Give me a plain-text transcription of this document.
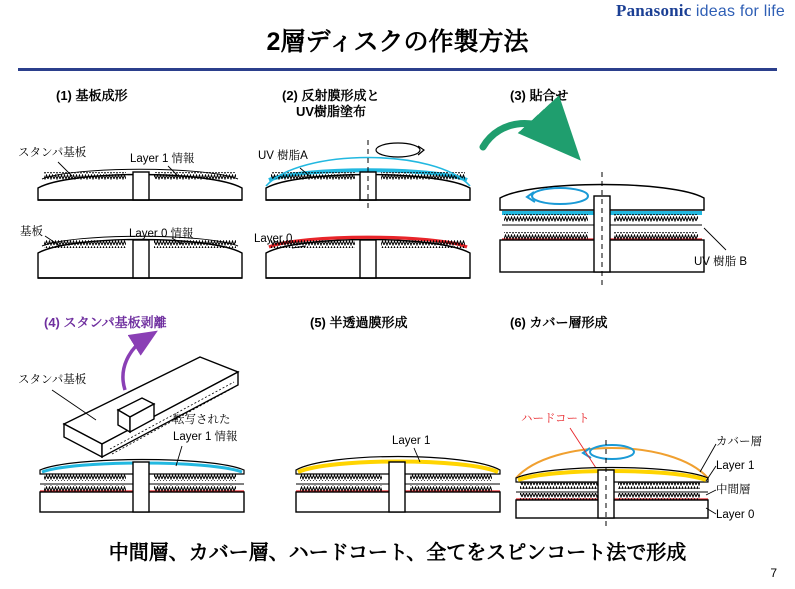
Panasonic ideas for life
2層ディスクの作製方法
(1) 基板成形	(2) 反射膜形成と
UV樹脂塗布
(3) 貼合せ
(4) スタンパ基板剥離	(5) 半透過膜形成	(6) カバー層形成
スタンパ基板	Layer 1 情報
基板	Layer 0 情報
UV 樹脂A
Layer 0
UV 樹脂 B
スタンパ基板
転写された
Layer 1 情報	Layer 1
ハードコート
カバー層
Layer 1
中間層
Layer 0
中間層、カバー層、ハードコート、全てをスピンコート法で形成
7
